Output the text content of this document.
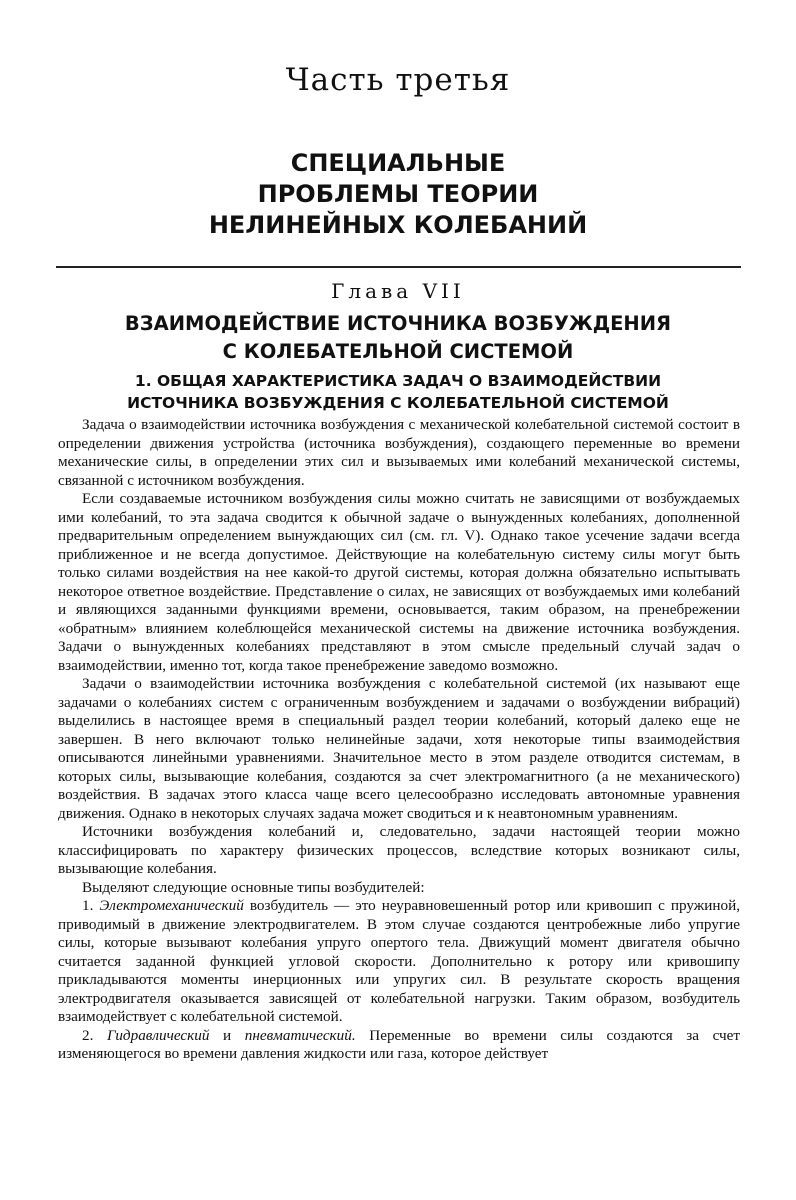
Часть третья
СПЕЦИАЛЬНЫЕ
ПРОБЛЕМЫ ТЕОРИИ
НЕЛИНЕЙНЫХ КОЛЕБАНИЙ
Глава VII
ВЗАИМОДЕЙСТВИЕ ИСТОЧНИКА ВОЗБУЖДЕНИЯ
С КОЛЕБАТЕЛЬНОЙ СИСТЕМОЙ
1. ОБЩАЯ ХАРАКТЕРИСТИКА ЗАДАЧ О ВЗАИМОДЕЙСТВИИ
ИСТОЧНИКА ВОЗБУЖДЕНИЯ С КОЛЕБАТЕЛЬНОЙ СИСТЕМОЙ

Задача о взаимодействии источника возбуждения с механической колебательной системой состоит в определении движения устройства (источника возбуждения), создающего переменные во времени механические силы, в определении этих сил и вызываемых ими колебаний механической системы, связанной с источником возбуждения.

Если создаваемые источником возбуждения силы можно считать не зависящими от возбуждаемых ими колебаний, то эта задача сводится к обычной задаче о вынужденных колебаниях, дополненной предварительным определением вынуждающих сил (см. гл. V). Однако такое усечение задачи всегда приближенное и не всегда допустимое. Действующие на колебательную систему силы могут быть только силами воздействия на нее какой-то другой системы, которая должна обязательно испытывать некоторое ответное воздействие. Представление о силах, не зависящих от возбуждаемых ими колебаний и являющихся заданными функциями времени, основывается, таким образом, на пренебрежении «обратным» влиянием колеблющейся механической системы на движение источника возбуждения. Задачи о вынужденных колебаниях представляют в этом смысле предельный случай задач о взаимодействии, именно тот, когда такое пренебрежение заведомо возможно.

Задачи о взаимодействии источника возбуждения с колебательной системой (их называют еще задачами о колебаниях систем с ограниченным возбуждением и задачами о возбуждении вибраций) выделились в настоящее время в специальный раздел теории колебаний, который далеко еще не завершен. В него включают только нелинейные задачи, хотя некоторые типы взаимодействия описываются линейными уравнениями. Значительное место в этом разделе отводится системам, в которых силы, вызывающие колебания, создаются за счет электромагнитного (а не механического) воздействия. В задачах этого класса чаще всего целесообразно исследовать автономные уравнения движения. Однако в некоторых случаях задача может сводиться и к неавтономным уравнениям.

Источники возбуждения колебаний и, следовательно, задачи настоящей теории можно классифицировать по характеру физических процессов, вследствие которых возникают силы, вызывающие колебания.

Выделяют следующие основные типы возбудителей:

1. Электромеханический возбудитель — это неуравновешенный ротор или кривошип с пружиной, приводимый в движение электродвигателем. В этом случае создаются центробежные либо упругие силы, которые вызывают колебания упруго опертого тела. Движущий момент двигателя обычно считается заданной функцией угловой скорости. Дополнительно к ротору или кривошипу прикладываются моменты инерционных или упругих сил. В результате скорость вращения электродвигателя оказывается зависящей от колебательной нагрузки. Таким образом, возбудитель взаимодействует с колебательной системой.

2. Гидравлический и пневматический. Переменные во времени силы создаются за счет изменяющегося во времени давления жидкости или газа, которое действует
